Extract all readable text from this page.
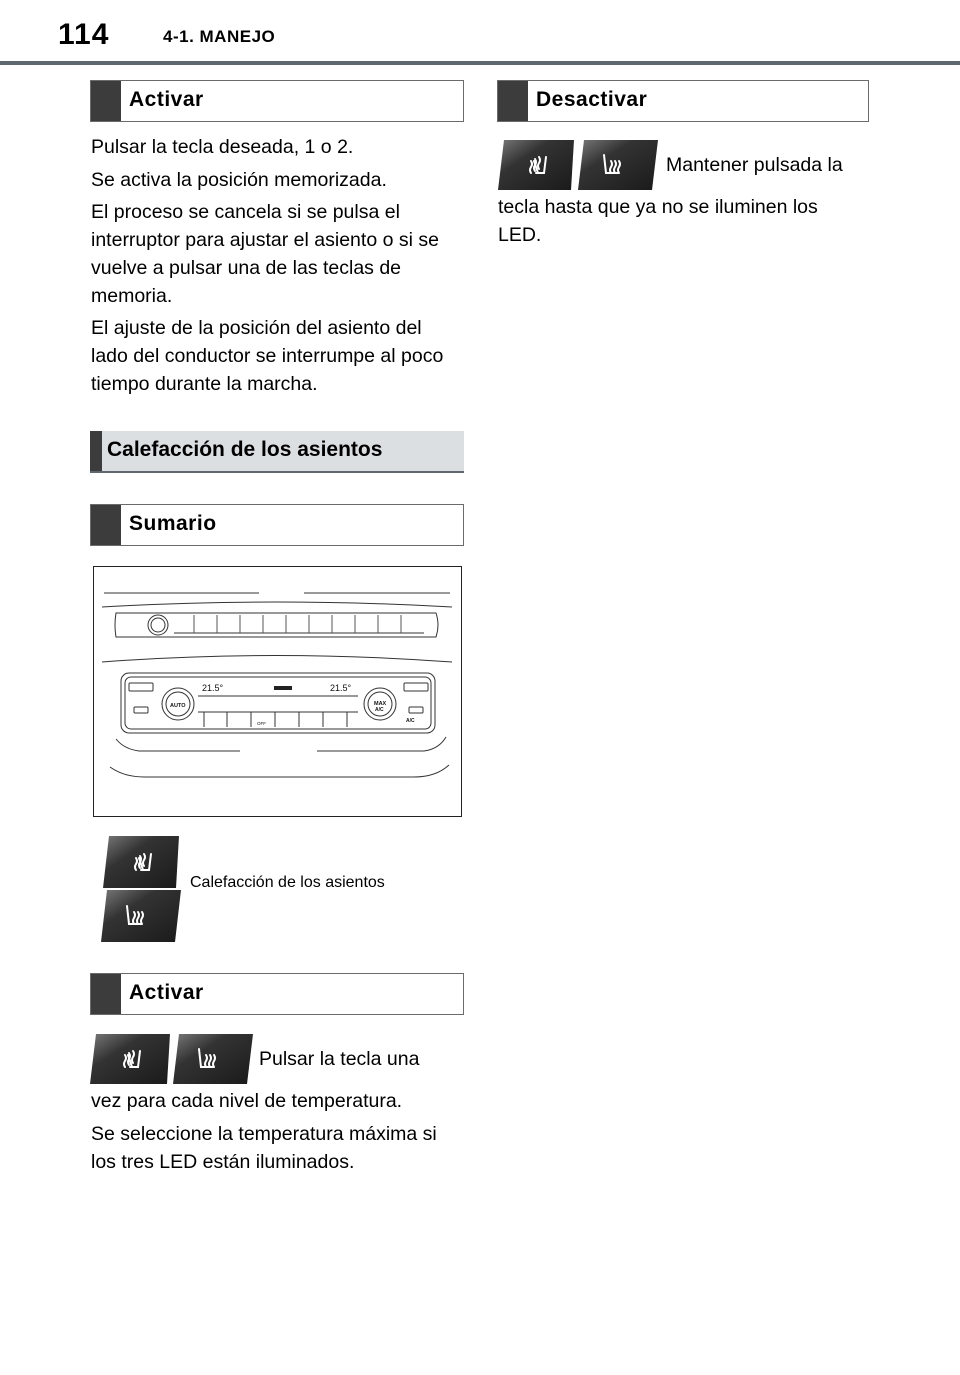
114	4-1. MANEJO
Activar

Pulsar la tecla deseada, 1 o 2.

Se activa la posición memorizada.

El proceso se cancela si se pulsa el interruptor para ajustar el asiento o si se vuelve a pulsar una de las teclas de memoria.

El ajuste de la posición del asiento del lado del conductor se interrumpe al poco tiempo durante la marcha.

Calefacción de los asientos
Sumario
21.5°	21.5°
AUTO	MAX
A/C
A/C
OFF
Calefacción de los asientos
Activar

Pulsar la tecla una

vez para cada nivel de temperatura.

Se seleccione la temperatura máxima si los tres LED están iluminados.

Desactivar

Mantener pulsada la

tecla hasta que ya no se iluminen los LED.
